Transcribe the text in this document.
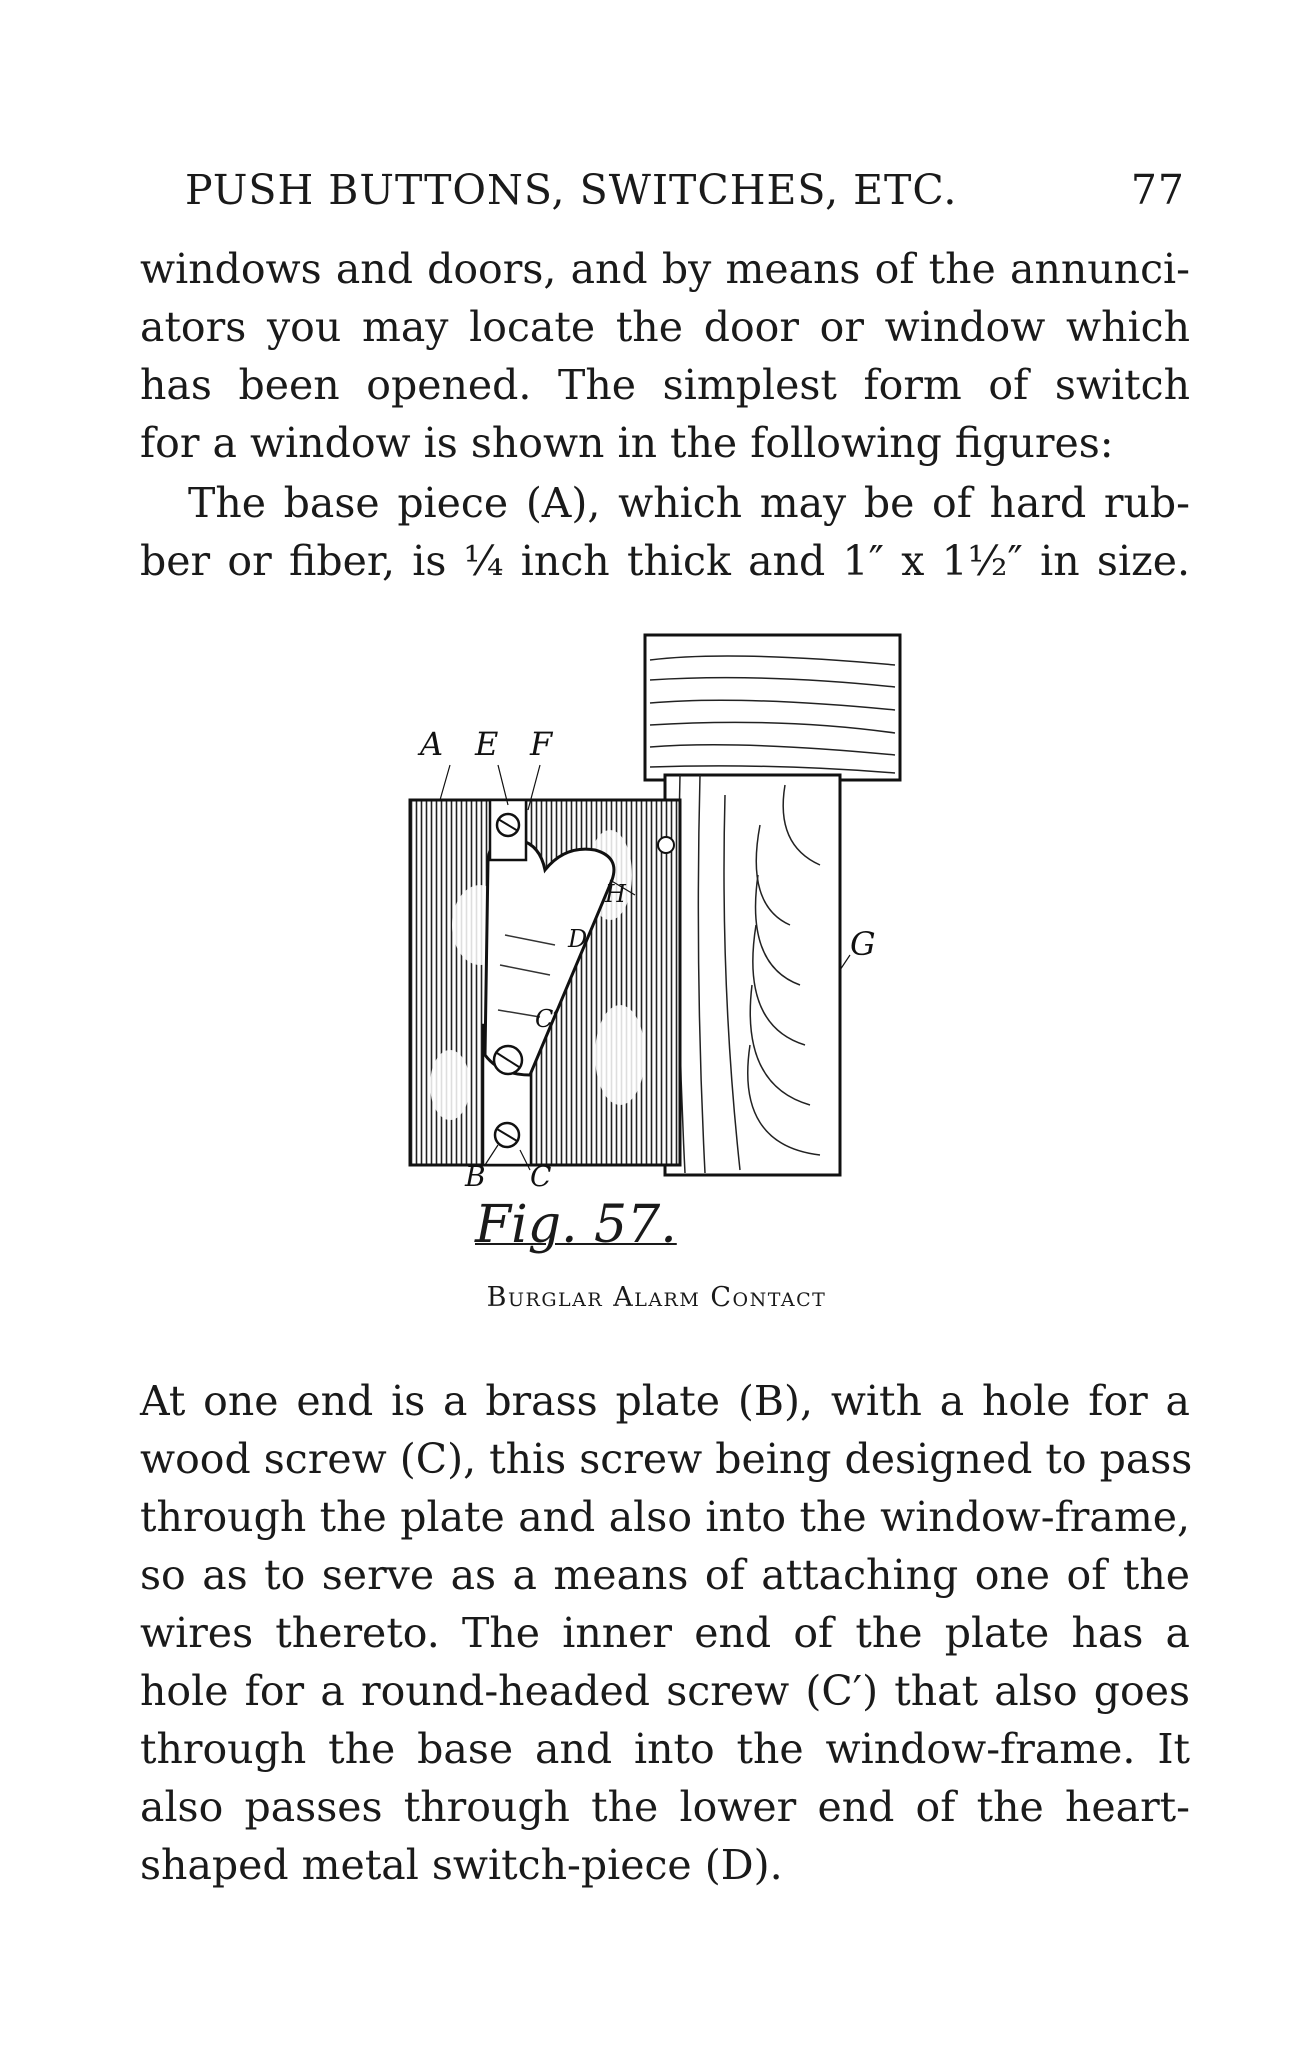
PUSH BUTTONS, SWITCHES, ETC.	77
windows and doors, and by means of the annunci-
ators you may locate the door or window which
has been opened. The simplest form of switch
for a window is shown in the following figures:
The base piece (A), which may be of hard rub-
ber or fiber, is ¼ inch thick and 1″ x 1½″ in size.
A E F
H
D
C′
G
B C
Fig. 57.
Burglar Alarm Contact
At one end is a brass plate (B), with a hole for a
wood screw (C), this screw being designed to pass
through the plate and also into the window-frame,
so as to serve as a means of attaching one of the
wires thereto. The inner end of the plate has a
hole for a round-headed screw (C′) that also goes
through the base and into the window-frame. It
also passes through the lower end of the heart-
shaped metal switch-piece (D).
